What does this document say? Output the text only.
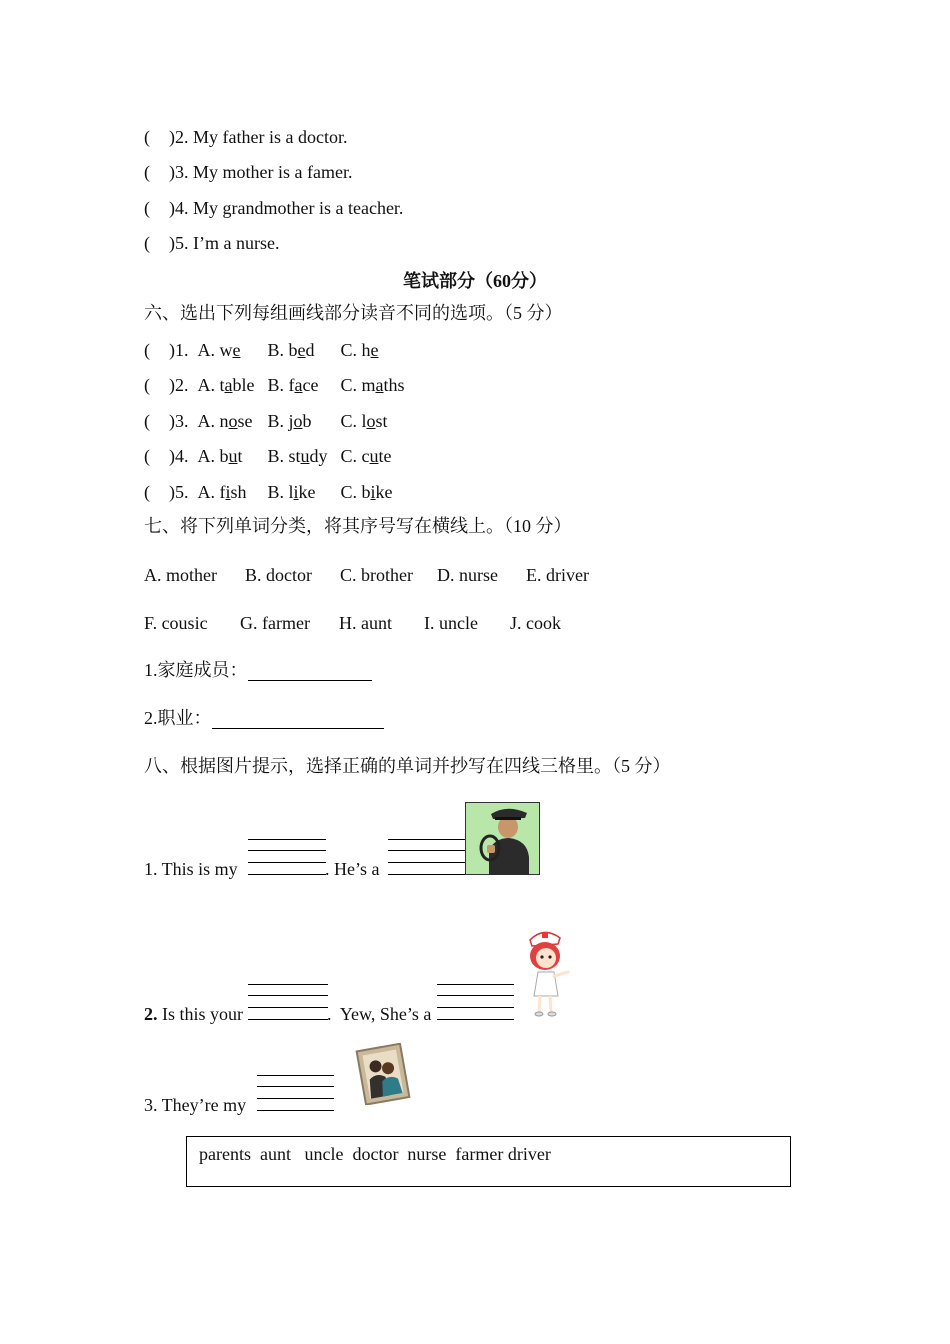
( )2. My father is a doctor.
( )3. My mother is a famer.
( )4. My grandmother is a teacher.
( )5. I’m a nurse.
笔试部分（60分）
六、选出下列每组画线部分读音不同的选项。（5 分）
( )1.  A. we B. bed C. he
( )2.  A. table B. face C. maths
( )3.  A. nose B. job C. lost
( )4.  A. but B. study C. cute
( )5.  A. fish B. like C. bike
七、将下列单词分类，将其序号写在横线上。（10 分）
A. mother B. doctor C. brother D. nurse E. driver
F. cousic G. farmer H. aunt I. uncle J. cook
1.家庭成员：
2.职业：
八、根据图片提示，选择正确的单词并抄写在四线三格里。（5 分）
1. This is my	. He’s a
2. Is this your	.  Yew, She’s a
3. They’re my
parents  aunt   uncle  doctor  nurse  farmer driver
